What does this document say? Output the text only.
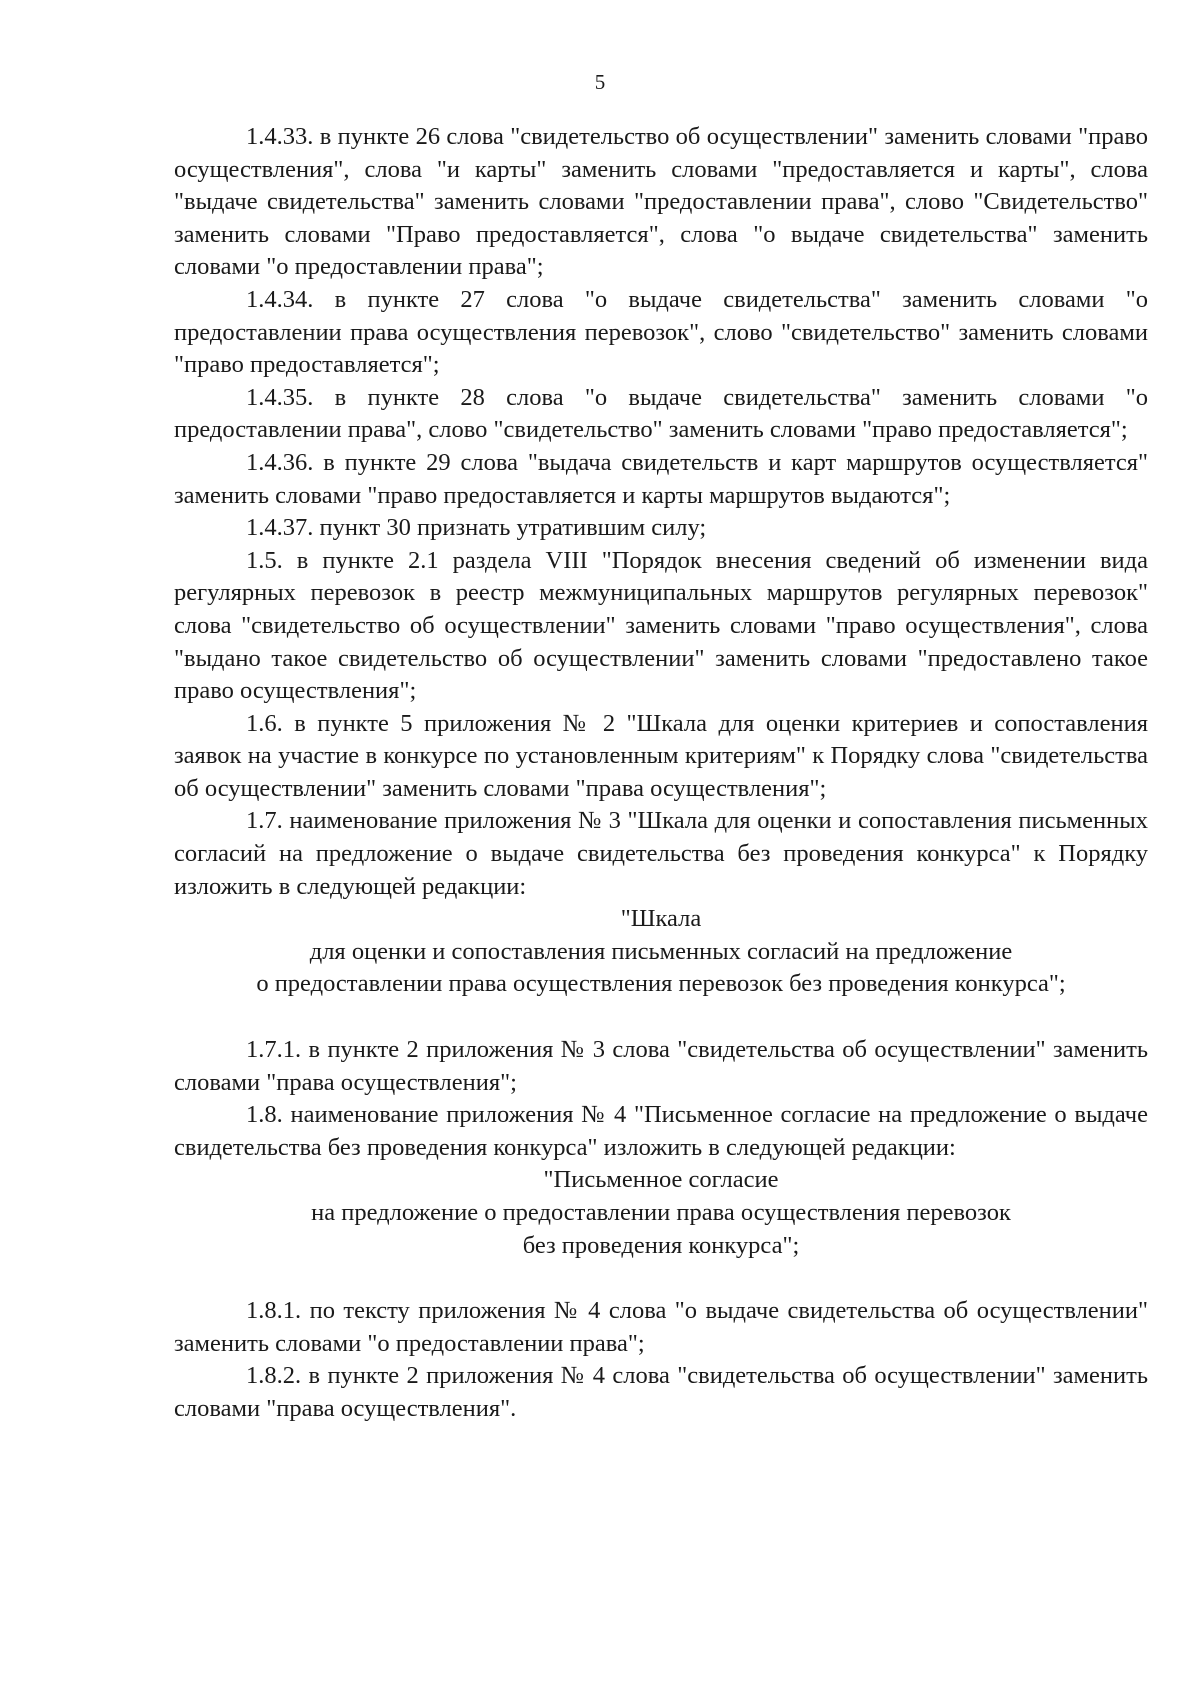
5

1.4.33. в пункте 26 слова "свидетельство об осуществлении" заменить словами "право осуществления", слова "и карты" заменить словами "предоставляется и карты", слова "выдаче свидетельства" заменить словами "предоставлении права", слово "Свидетельство" заменить словами "Право предоставляется", слова "о выдаче свидетельства" заменить словами "о предоставлении права";

1.4.34. в пункте 27 слова "о выдаче свидетельства" заменить словами "о предоставлении права осуществления перевозок", слово "свидетельство" заменить словами "право предоставляется";

1.4.35. в пункте 28 слова "о выдаче свидетельства" заменить словами "о предоставлении права", слово "свидетельство" заменить словами "право предоставляется";

1.4.36. в пункте 29 слова "выдача свидетельств и карт маршрутов осуществляется" заменить словами "право предоставляется и карты маршрутов выдаются";

1.4.37. пункт 30 признать утратившим силу;

1.5. в пункте 2.1 раздела VIII "Порядок внесения сведений об изменении вида регулярных перевозок в реестр межмуниципальных маршрутов регулярных перевозок" слова "свидетельство об осуществлении" заменить словами "право осуществления", слова "выдано такое свидетельство об осуществлении" заменить словами "предоставлено такое право осуществления";

1.6. в пункте 5 приложения № 2 "Шкала для оценки критериев и сопоставления заявок на участие в конкурсе по установленным критериям" к Порядку слова "свидетельства об осуществлении" заменить словами "права осуществления";

1.7. наименование приложения № 3 "Шкала для оценки и сопоставления письменных согласий на предложение о выдаче свидетельства без проведения конкурса" к Порядку изложить в следующей редакции:

"Шкала
для оценки и сопоставления письменных согласий на предложение
о предоставлении права осуществления перевозок без проведения конкурса";

1.7.1. в пункте 2 приложения № 3 слова "свидетельства об осуществлении" заменить словами "права осуществления";

1.8. наименование приложения № 4 "Письменное согласие на предложение о выдаче свидетельства без проведения конкурса" изложить в следующей редакции:

"Письменное согласие
на предложение о предоставлении права осуществления перевозок
без проведения конкурса";

1.8.1. по тексту приложения № 4 слова "о выдаче свидетельства об осуществлении" заменить словами "о предоставлении права";

1.8.2. в пункте 2 приложения № 4 слова "свидетельства об осуществлении" заменить словами "права осуществления".
